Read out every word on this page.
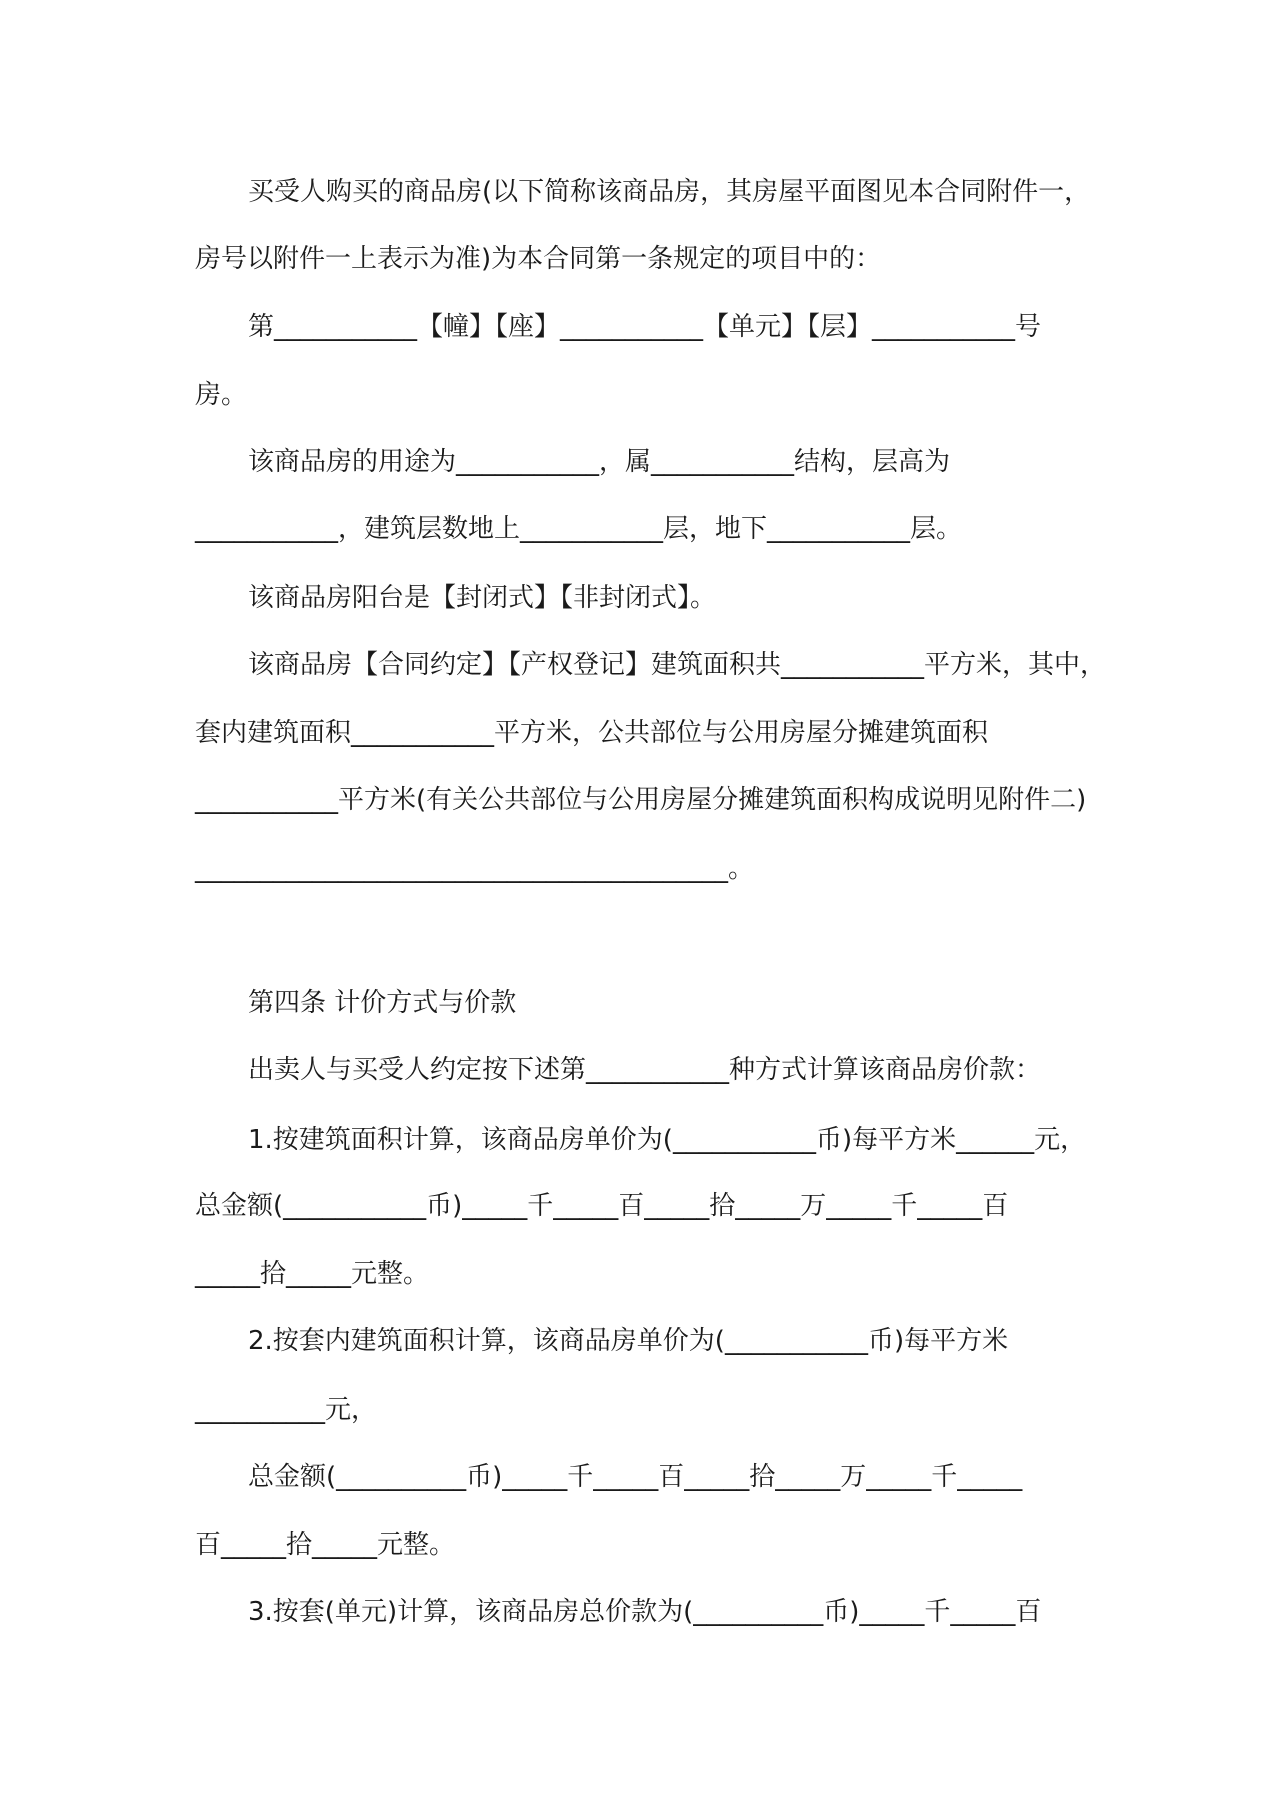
买受人购买的商品房(以下简称该商品房，其房屋平面图见本合同附件一，
房号以附件一上表示为准)为本合同第一条规定的项目中的：
第___________【幢】【座】___________【单元】【层】___________号
房。
该商品房的用途为___________，属___________结构，层高为
___________，建筑层数地上___________层，地下___________层。
该商品房阳台是【封闭式】【非封闭式】。
该商品房【合同约定】【产权登记】建筑面积共___________平方米，其中，
套内建筑面积___________平方米，公共部位与公用房屋分摊建筑面积
___________平方米(有关公共部位与公用房屋分摊建筑面积构成说明见附件二)
_________________________________________。
第四条 计价方式与价款
出卖人与买受人约定按下述第___________种方式计算该商品房价款：
1.按建筑面积计算，该商品房单价为(___________币)每平方米______元，
总金额(___________币)_____千_____百_____拾_____万_____千_____百
_____拾_____元整。
2.按套内建筑面积计算，该商品房单价为(___________币)每平方米
__________元，
总金额(__________币)_____千_____百_____拾_____万_____千_____
百_____拾_____元整。
3.按套(单元)计算，该商品房总价款为(__________币)_____千_____百
